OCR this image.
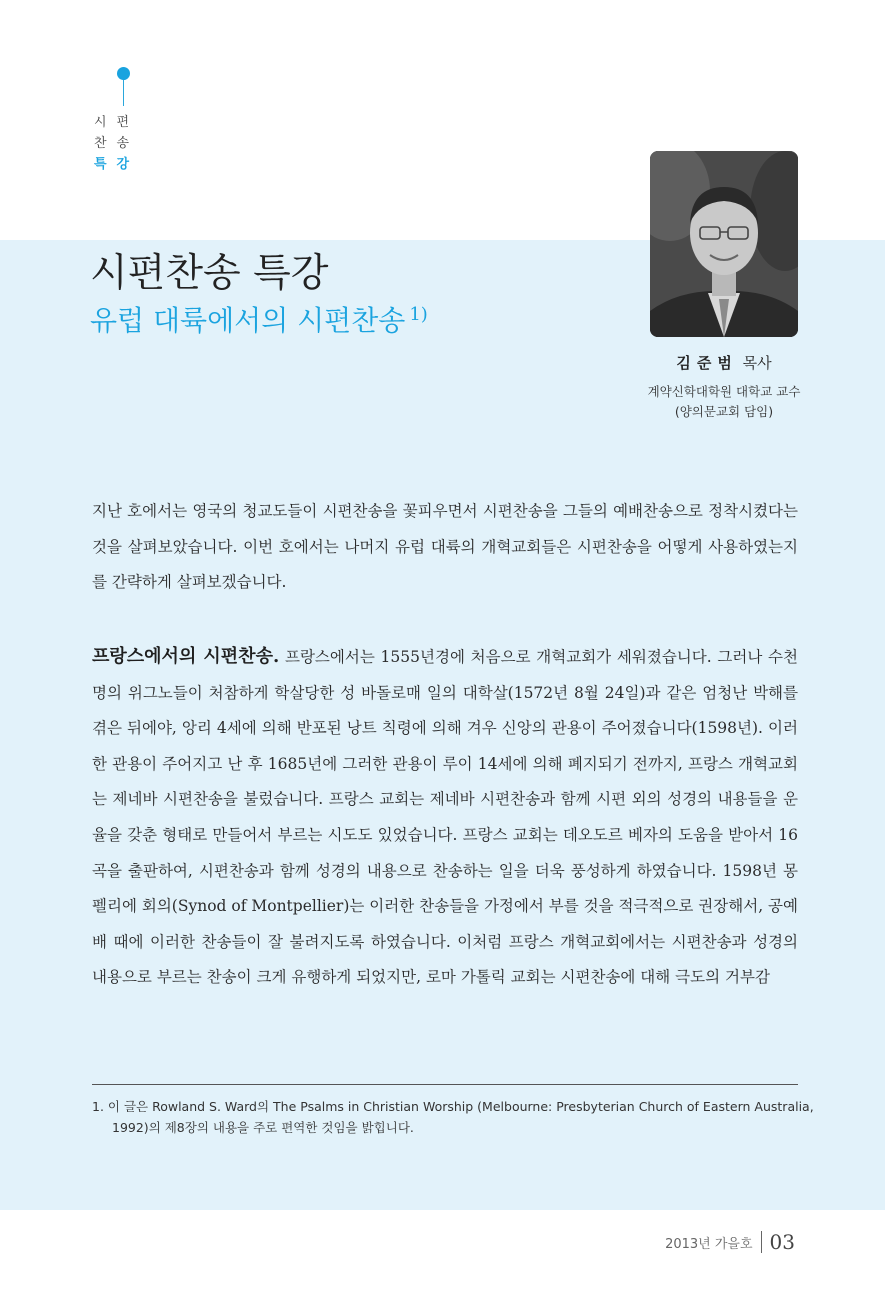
시편
찬송
특강
김준범 목사
계약신학대학원 대학교 교수
(양의문교회 담임)
시편찬송 특강
유럽 대륙에서의 시편찬송 $^{1)}$

지난 호에서는 영국의 청교도들이 시편찬송을 꽃피우면서 시편찬송을 그들의 예배찬송으로 정착시켰다는 것을 살펴보았습니다. 이번 호에서는 나머지 유럽 대륙의 개혁교회들은 시편찬송을 어떻게 사용하였는지를 간략하게 살펴보겠습니다.

프랑스에서의 시편찬송. 프랑스에서는 1555년경에 처음으로 개혁교회가 세워졌습니다. 그러나 수천명의 위그노들이 처참하게 학살당한 성 바돌로매 일의 대학살(1572년 8월 24일)과 같은 엄청난 박해를 겪은 뒤에야, 앙리 4세에 의해 반포된 낭트 칙령에 의해 겨우 신앙의 관용이 주어졌습니다(1598년). 이러한 관용이 주어지고 난 후 1685년에 그러한 관용이 루이 14세에 의해 폐지되기 전까지, 프랑스 개혁교회는 제네바 시편찬송을 불렀습니다. 프랑스 교회는 제네바 시편찬송과 함께 시편 외의 성경의 내용들을 운율을 갖춘 형태로 만들어서 부르는 시도도 있었습니다. 프랑스 교회는 데오도르 베자의 도움을 받아서 16곡을 출판하여, 시편찬송과 함께 성경의 내용으로 찬송하는 일을 더욱 풍성하게 하였습니다. 1598년 몽펠리에 회의(Synod of Montpellier)는 이러한 찬송들을 가정에서 부를 것을 적극적으로 권장해서, 공예배 때에 이러한 찬송들이 잘 불려지도록 하였습니다. 이처럼 프랑스 개혁교회에서는 시편찬송과 성경의 내용으로 부르는 찬송이 크게 유행하게 되었지만, 로마 가톨릭 교회는 시편찬송에 대해 극도의 거부감

1. 이 글은 Rowland S. Ward의 The Psalms in Christian Worship (Melbourne: Presbyterian Church of Eastern Australia, 1992)의 제8장의 내용을 주로 편역한 것임을 밝힙니다.

2013년 가을호 03
